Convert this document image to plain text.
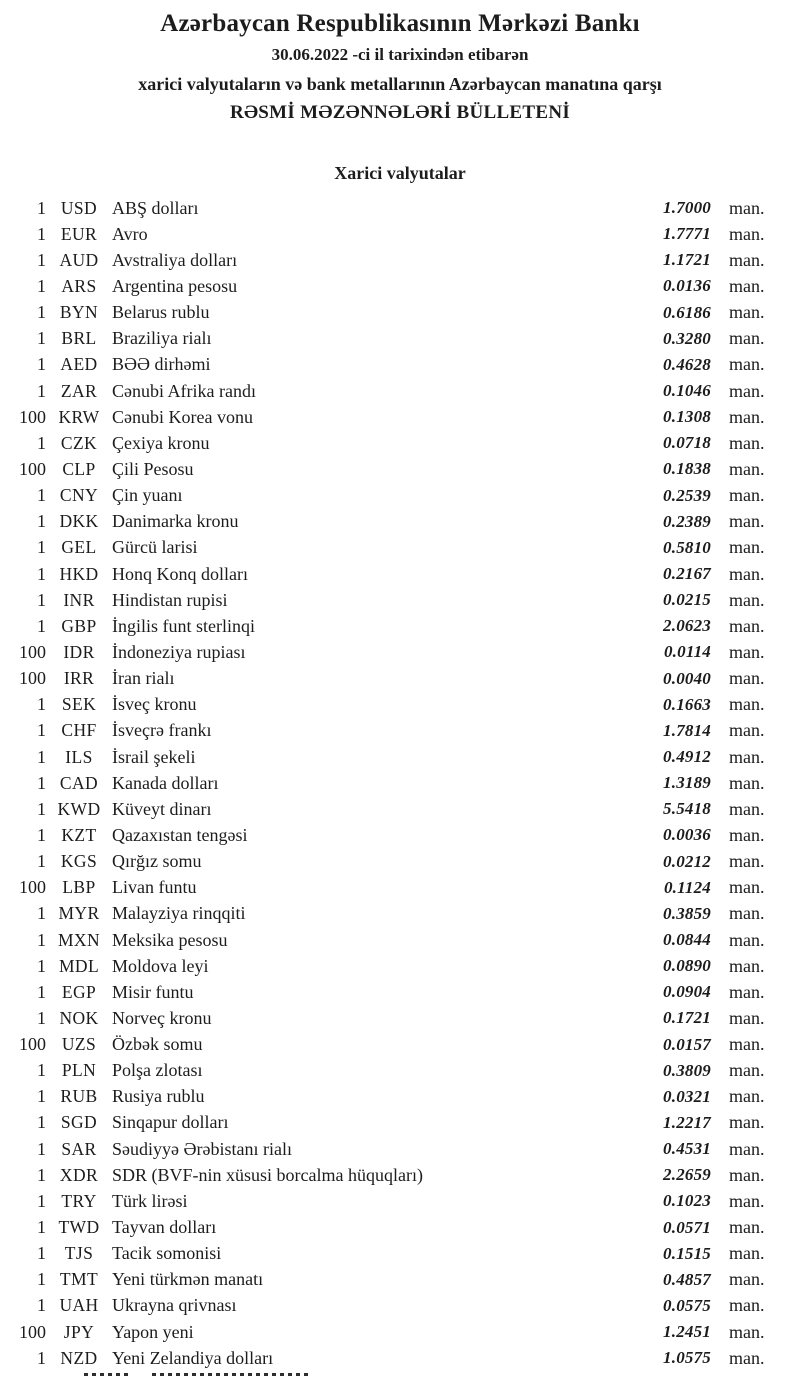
Azərbaycan Respublikasının Mərkəzi Bankı
30.06.2022 -ci il tarixindən etibarən
xarici valyutaların və bank metallarının Azərbaycan manatına qarşı
RƏSMİ MƏZƏNNƏLƏRİ BÜLLETENİ
Xarici valyutalar
1 USD ABŞ dolları	1.7000	man.
1 EUR Avro	1.7771	man.
1 AUD Avstraliya dolları	1.1721	man.
1 ARS Argentina pesosu	0.0136	man.
1 BYN Belarus rublu	0.6186	man.
1 BRL Braziliya rialı	0.3280	man.
1 AED BƏƏ dirhəmi	0.4628	man.
1 ZAR Cənubi Afrika randı	0.1046	man.
100 KRW Cənubi Korea vonu	0.1308	man.
1 CZK Çexiya kronu	0.0718	man.
100 CLP Çili Pesosu	0.1838	man.
1 CNY Çin yuanı	0.2539	man.
1 DKK Danimarka kronu	0.2389	man.
1 GEL Gürcü larisi	0.5810	man.
1 HKD Honq Konq dolları	0.2167	man.
1 INR Hindistan rupisi	0.0215	man.
1 GBP İngilis funt sterlinqi	2.0623	man.
100 IDR İndoneziya rupiası	0.0114	man.
100	IRR İran rialı	0.0040	man.
1 SEK İsveç kronu	0.1663	man.
1 CHF İsveçrə frankı	1.7814	man.
1	ILS	İsrail şekeli	0.4912	man.
1 CAD Kanada dolları	1.3189	man.
1 KWD Küveyt dinarı	5.5418	man.
1 KZT Qazaxıstan tengəsi	0.0036	man.
1 KGS Qırğız somu	0.0212	man.
100 LBP Livan funtu	0.1124	man.
1 MYR Malayziya rinqqiti	0.3859	man.
1 MXN Meksika pesosu	0.0844	man.
1 MDL Moldova leyi	0.0890	man.
1 EGP Misir funtu	0.0904	man.
1 NOK Norveç kronu	0.1721	man.
100 UZS Özbək somu	0.0157	man.
1 PLN Polşa zlotası	0.3809	man.
1 RUB Rusiya rublu	0.0321	man.
1 SGD Sinqapur dolları	1.2217	man.
1 SAR Səudiyyə Ərəbistanı rialı	0.4531	man.
1 XDR SDR (BVF-nin xüsusi borcalma hüquqları)	2.2659	man.
1 TRY Türk lirəsi	0.1023	man.
1 TWD Tayvan dolları	0.0571	man.
1	TJS	Tacik somonisi	0.1515	man.
1 TMT Yeni türkmən manatı	0.4857	man.
1 UAH Ukrayna qrivnası	0.0575	man.
100	JPY Yapon yeni	1.2451	man.
1 NZD Yeni Zelandiya dolları	1.0575	man.
